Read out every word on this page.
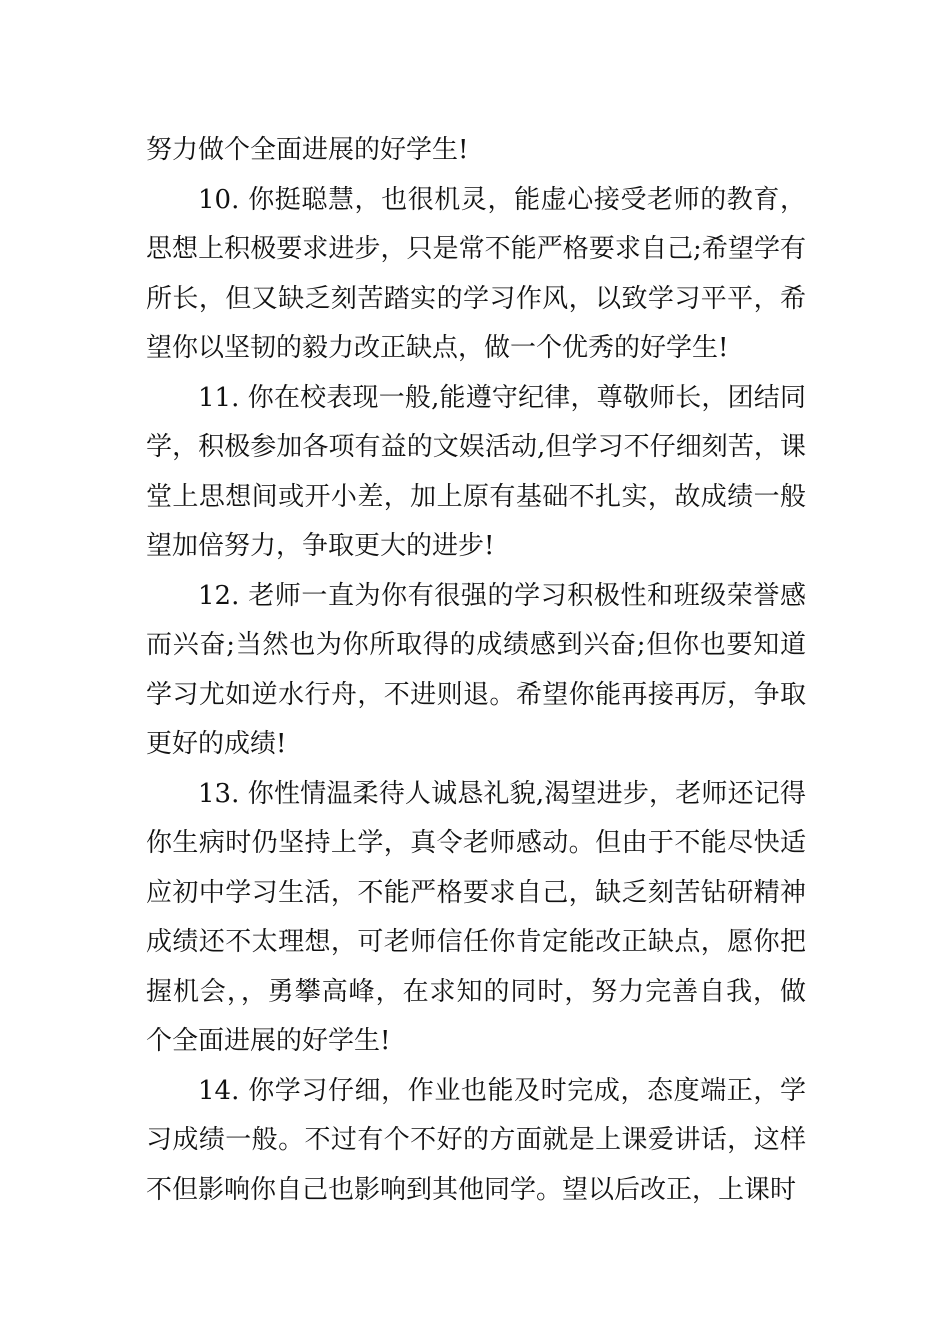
努力做个全面进展的好学生!

10. 你挺聪慧，也很机灵，能虚心接受老师的教育，思想上积极要求进步，只是常不能严格要求自己;希望学有所长，但又缺乏刻苦踏实的学习作风，以致学习平平，希望你以坚韧的毅力改正缺点，做一个优秀的好学生!

11. 你在校表现一般,能遵守纪律，尊敬师长，团结同学，积极参加各项有益的文娱活动,但学习不仔细刻苦，课堂上思想间或开小差，加上原有基础不扎实，故成绩一般望加倍努力，争取更大的进步!

12. 老师一直为你有很强的学习积极性和班级荣誉感而兴奋;当然也为你所取得的成绩感到兴奋;但你也要知道学习尤如逆水行舟，不进则退。希望你能再接再厉，争取更好的成绩!

13. 你性情温柔待人诚恳礼貌,渴望进步，老师还记得你生病时仍坚持上学，真令老师感动。但由于不能尽快适应初中学习生活，不能严格要求自己，缺乏刻苦钻研精神成绩还不太理想，可老师信任你肯定能改正缺点，愿你把握机会，，勇攀高峰，在求知的同时，努力完善自我，做个全面进展的好学生!

14. 你学习仔细，作业也能及时完成，态度端正，学习成绩一般。不过有个不好的方面就是上课爱讲话，这样不但影响你自己也影响到其他同学。望以后改正，上课时
